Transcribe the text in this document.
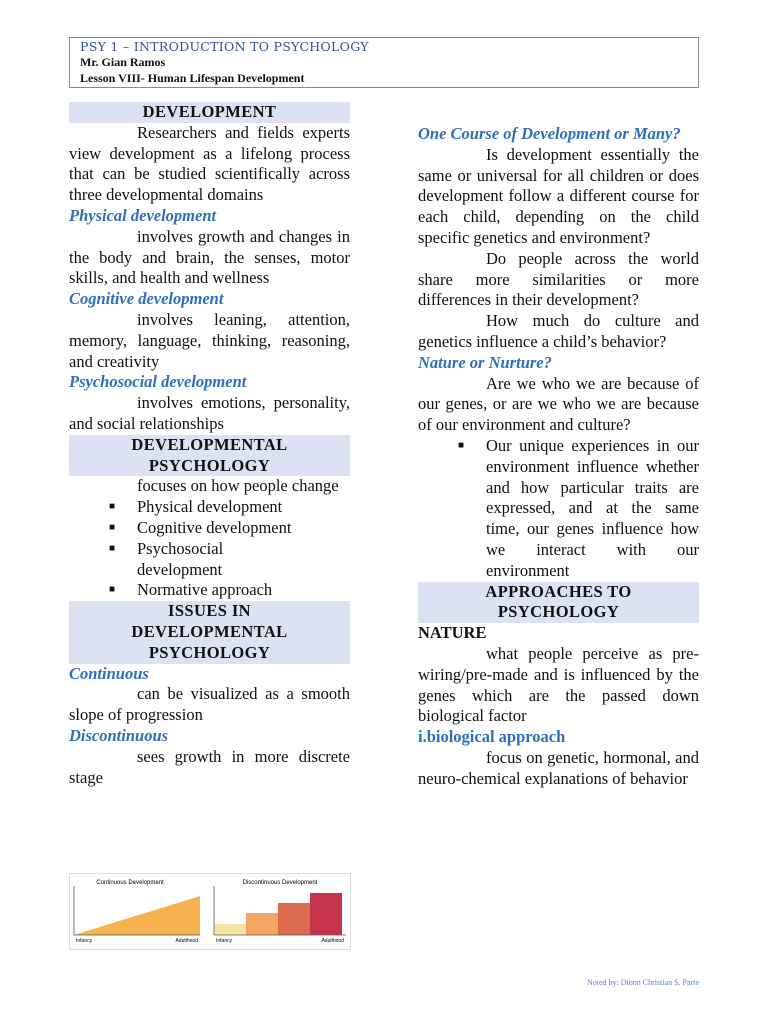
PSY 1 – INTRODUCTION TO PSYCHOLOGY
Mr. Gian Ramos
Lesson VIII- Human Lifespan Development
DEVELOPMENT

Researchers and fields experts view development as a lifelong process that can be studied scientifically across three developmental domains

Physical development

involves growth and changes in the body and brain, the senses, motor skills, and health and wellness

Cognitive development

involves leaning, attention, memory, language, thinking, reasoning, and creativity

Psychosocial development

involves emotions, personality, and social relationships

DEVELOPMENTAL
PSYCHOLOGY

focuses on how people change

■ Physical development
■ Cognitive development
■ Psychosocial development
■ Normative approach
ISSUES IN
DEVELOPMENTAL
PSYCHOLOGY
Continuous

can be visualized as a smooth slope of progression

Discontinuous

sees growth in more discrete stage

Continuous Development	Discontinuous Development
Infancy	Adulthood	Infancy	Adulthood
One Course of Development or Many?

Is development essentially the same or universal for all children or does development follow a different course for each child, depending on the child specific genetics and environment?

Do people across the world share more similarities or more differences in their development?

How much do culture and genetics influence a child’s behavior?

Nature or Nurture?

Are we who we are because of our genes, or are we who we are because of our environment and culture?

■ Our unique experiences in our environment influence whether and how particular traits are expressed, and at the same time, our genes influence how we interact with our environment
APPROACHES TO
PSYCHOLOGY
NATURE

what people perceive as pre-wiring/pre-made and is influenced by the genes which are the passed down biological factor

i.biological approach

focus on genetic, hormonal, and neuro-chemical explanations of behavior

Noted by: Dionn Christian S. Parte
